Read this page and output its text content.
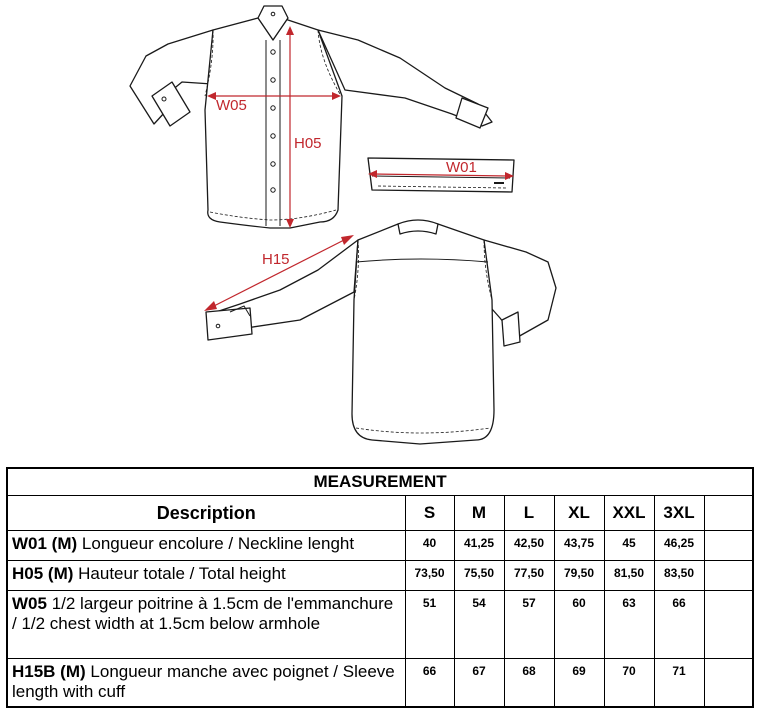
W05
H05
W01
H15
MEASUREMENT							
Description	S	M	L	XL	XXL	3XL	
W01 (M) Longueur encolure / Neckline lenght	40	41,25	42,50	43,75	45	46,25	
H05 (M) Hauteur totale / Total height	73,50	75,50	77,50	79,50	81,50	83,50	
W05 1/2 largeur poitrine à 1.5cm de l'emmanchure / 1/2 chest width at 1.5cm below armhole	51	54	57	60	63	66	
H15B (M) Longueur manche avec poignet / Sleeve length with cuff	66	67	68	69	70	71	
